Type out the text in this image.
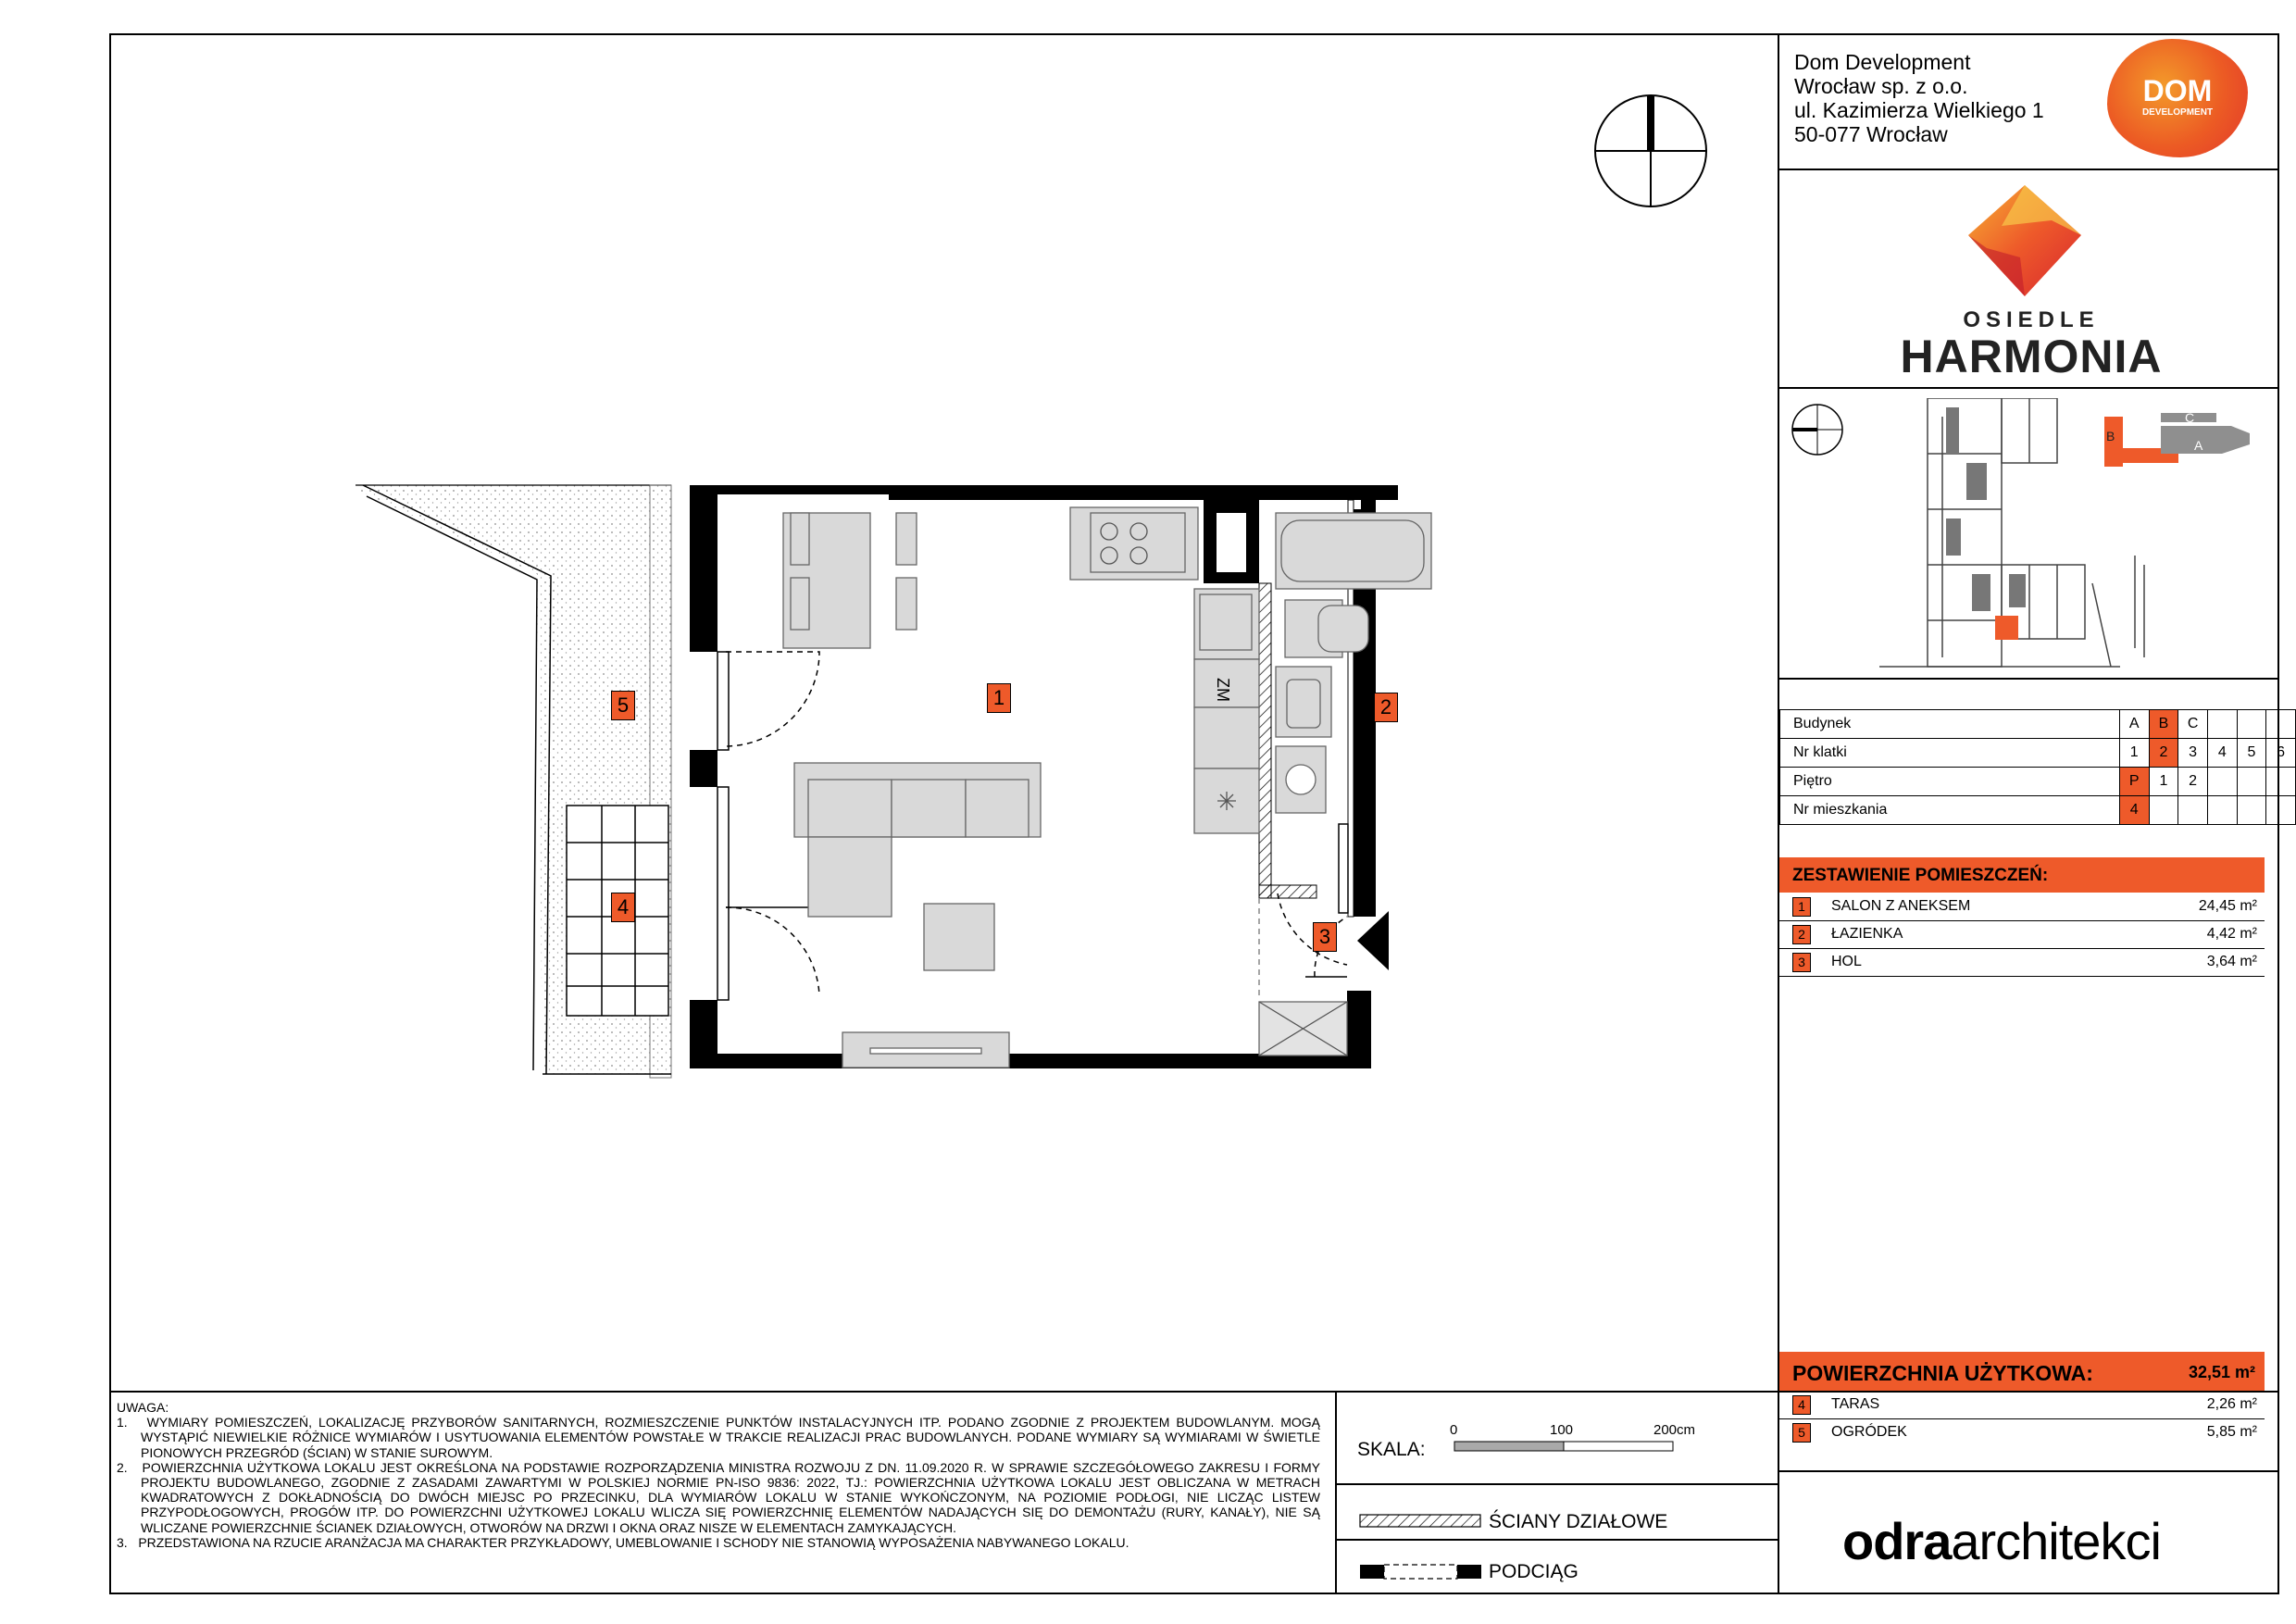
Dom Development
Wrocław sp. z o.o.
ul. Kazimierza Wielkiego 1
50-077 Wrocław
DOM
DEVELOPMENT
OSIEDLE
HARMONIA
B
C
A
Budynek	A	B	C			
Nr klatki	1	2	3	4	5	6
Piętro	P	1	2			
Nr mieszkania	4					
ZESTAWIENIE POMIESZCZEŃ:
1	SALON Z ANEKSEM	24,45 m²
2	ŁAZIENKA	4,42 m²
3	HOL	3,64 m²
POWIERZCHNIA UŻYTKOWA:	32,51 m²
4	TARAS	2,26 m²
5	OGRÓDEK	5,85 m²
ZM
1	2
3
4
5

UWAGA:

1.   WYMIARY POMIESZCZEŃ, LOKALIZACJĘ PRZYBORÓW SANITARNYCH, ROZMIESZCZENIE PUNKTÓW INSTALACYJNYCH ITP. PODANO ZGODNIE Z PROJEKTEM BUDOWLANYM. MOGĄ WYSTĄPIĆ NIEWIELKIE RÓŻNICE WYMIARÓW I USYTUOWANIA ELEMENTÓW POWSTAŁE W TRAKCIE REALIZACJI PRAC BUDOWLANYCH. PODANE WYMIARY SĄ WYMIARAMI W ŚWIETLE PIONOWYCH PRZEGRÓD (ŚCIAN) W STANIE SUROWYM.

2.   POWIERZCHNIA UŻYTKOWA LOKALU JEST OKREŚLONA NA PODSTAWIE ROZPORZĄDZENIA MINISTRA ROZWOJU Z DN. 11.09.2020 R. W SPRAWIE SZCZEGÓŁOWEGO ZAKRESU I FORMY PROJEKTU BUDOWLANEGO, ZGODNIE Z ZASADAMI ZAWARTYMI W POLSKIEJ NORMIE PN-ISO 9836: 2022, TJ.: POWIERZCHNIA UŻYTKOWA LOKALU JEST OBLICZANA W METRACH KWADRATOWYCH Z DOKŁADNOŚCIĄ DO DWÓCH MIEJSC PO PRZECINKU, DLA WYMIARÓW LOKALU W STANIE WYKOŃCZONYM, NA POZIOMIE PODŁOGI, NIE LICZĄC LISTEW PRZYPODŁOGOWYCH, PROGÓW ITP. DO POWIERZCHNI UŻYTKOWEJ LOKALU WLICZA SIĘ POWIERZCHNIĘ ELEMENTÓW NADAJĄCYCH SIĘ DO DEMONTAŻU (RURY, KANAŁY), NIE SĄ WLICZANE POWIERZCHNIE ŚCIANEK DZIAŁOWYCH, OTWORÓW NA DRZWI I OKNA ORAZ NISZE W ELEMENTACH ZAMYKAJĄCYCH.

3.   PRZEDSTAWIONA NA RZUCIE ARANŻACJA MA CHARAKTER PRZYKŁADOWY, UMEBLOWANIE I SCHODY NIE STANOWIĄ WYPOSAŻENIA NABYWANEGO LOKALU.

SKALA:
0	100	200cm
ŚCIANY DZIAŁOWE
PODCIĄG
odraarchitekci
